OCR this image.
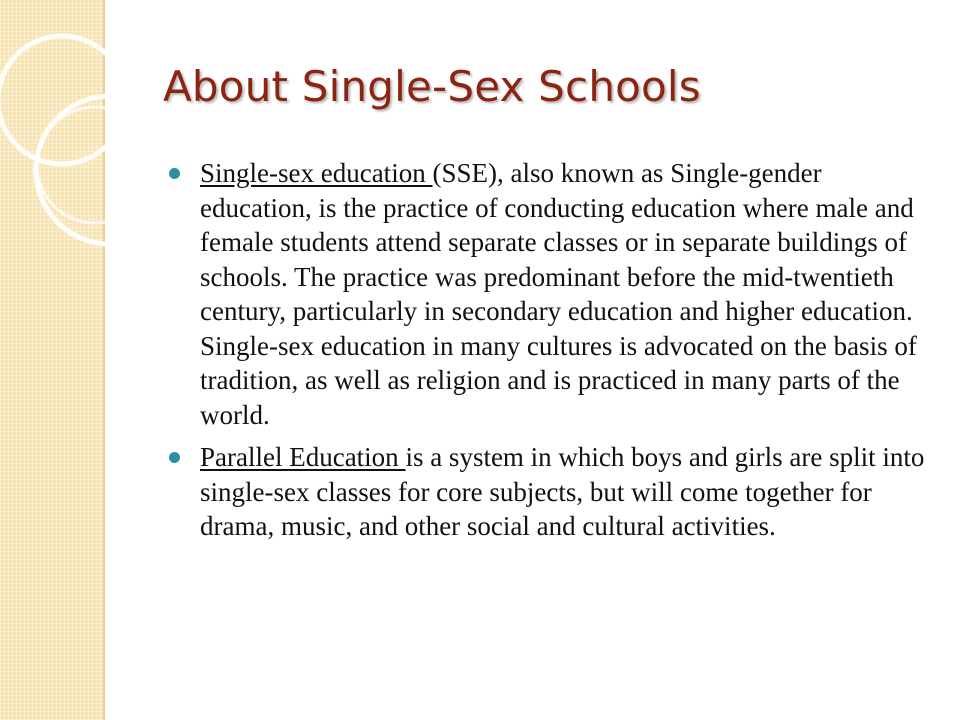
About Single-Sex Schools
Single-sex education (SSE), also known as Single-gender education, is the practice of conducting education where male and female students attend separate classes or in separate buildings of schools. The practice was predominant before the mid-twentieth century, particularly in secondary education and higher education. Single-sex education in many cultures is advocated on the basis of tradition, as well as religion and is practiced in many parts of the world.
Parallel Education is a system in which boys and girls are split into single-sex classes for core subjects, but will come together for drama, music, and other social and cultural activities.
